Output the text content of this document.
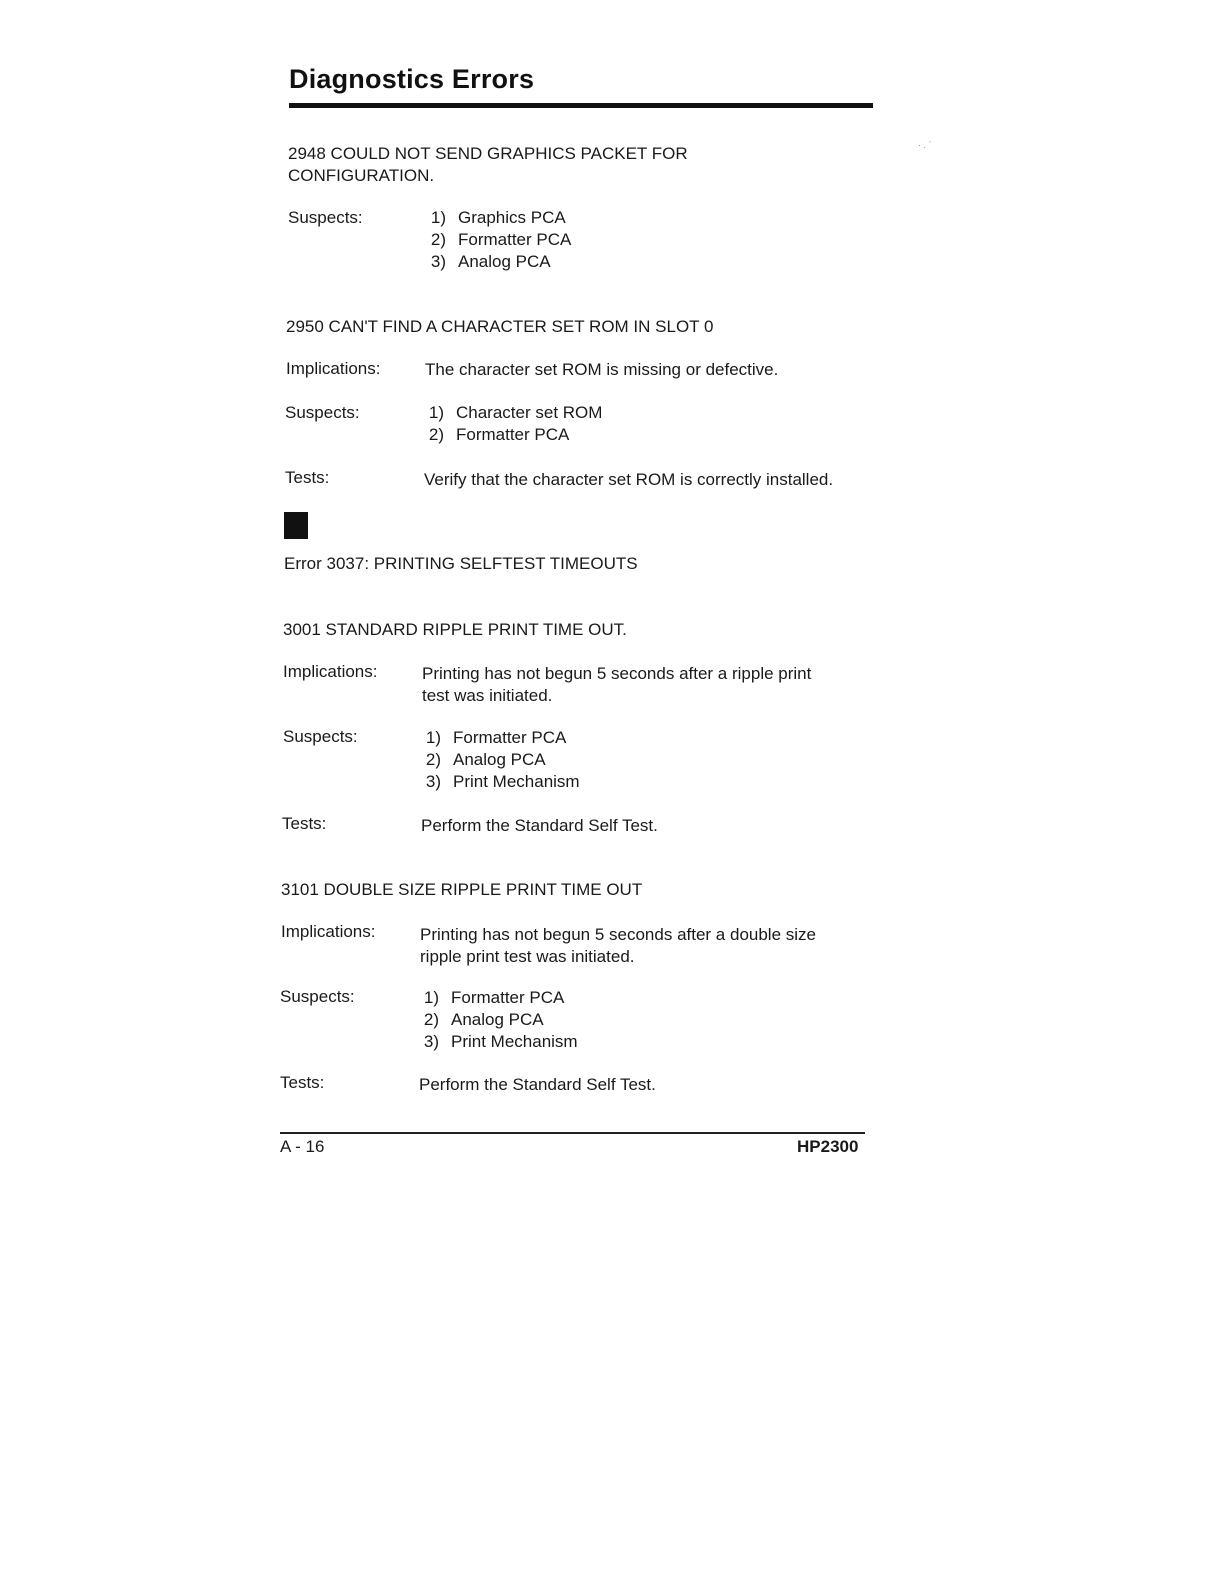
Diagnostics Errors
· . ˋ
2948 COULD NOT SEND GRAPHICS PACKET FOR
CONFIGURATION.
Suspects:	1) Graphics PCA
2) Formatter PCA
3) Analog PCA
2950 CAN'T FIND A CHARACTER SET ROM IN SLOT 0
Implications:	The character set ROM is missing or defective.
Suspects:	1) Character set ROM
2) Formatter PCA
Tests:	Verify that the character set ROM is correctly installed.
Error 3037: PRINTING SELFTEST TIMEOUTS
3001 STANDARD RIPPLE PRINT TIME OUT.
Implications:	Printing has not begun 5 seconds after a ripple print
test was initiated.
Suspects:	1) Formatter PCA
2) Analog PCA
3) Print Mechanism
Tests:	Perform the Standard Self Test.
3101 DOUBLE SIZE RIPPLE PRINT TIME OUT
Implications:	Printing has not begun 5 seconds after a double size
ripple print test was initiated.
Suspects:	1) Formatter PCA
2) Analog PCA
3) Print Mechanism
Tests:	Perform the Standard Self Test.
A - 16	HP2300
